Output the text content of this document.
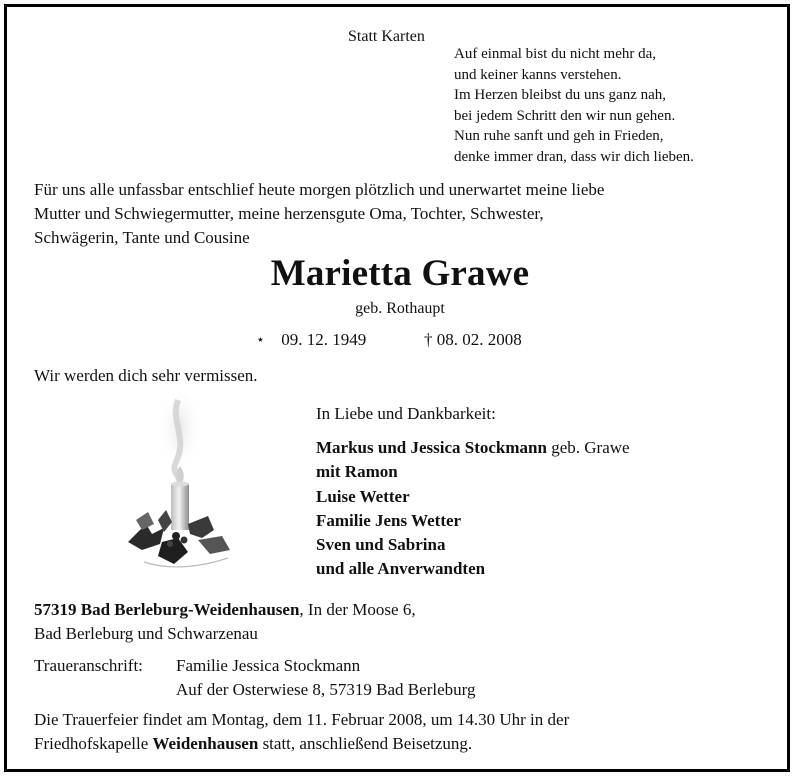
Statt Karten
Auf einmal bist du nicht mehr da,
und keiner kanns verstehen.
Im Herzen bleibst du uns ganz nah,
bei jedem Schritt den wir nun gehen.
Nun ruhe sanft und geh in Frieden,
denke immer dran, dass wir dich lieben.
Für uns alle unfassbar entschlief heute morgen plötzlich und unerwartet meine liebe
Mutter und Schwiegermutter, meine herzensgute Oma, Tochter, Schwester,
Schwägerin, Tante und Cousine
Marietta Grawe
geb. Rothaupt
⋆ 09. 12. 1949	† 08. 02. 2008
Wir werden dich sehr vermissen.
In Liebe und Dankbarkeit:
Markus und Jessica Stockmann geb. Grawe
mit Ramon
Luise Wetter
Familie Jens Wetter
Sven und Sabrina
und alle Anverwandten
57319 Bad Berleburg-Weidenhausen, In der Moose 6,
Bad Berleburg und Schwarzenau
Traueranschrift: Familie Jessica Stockmann
Auf der Osterwiese 8, 57319 Bad Berleburg
Die Trauerfeier findet am Montag, dem 11. Februar 2008, um 14.30 Uhr in der
Friedhofskapelle Weidenhausen statt, anschließend Beisetzung.
